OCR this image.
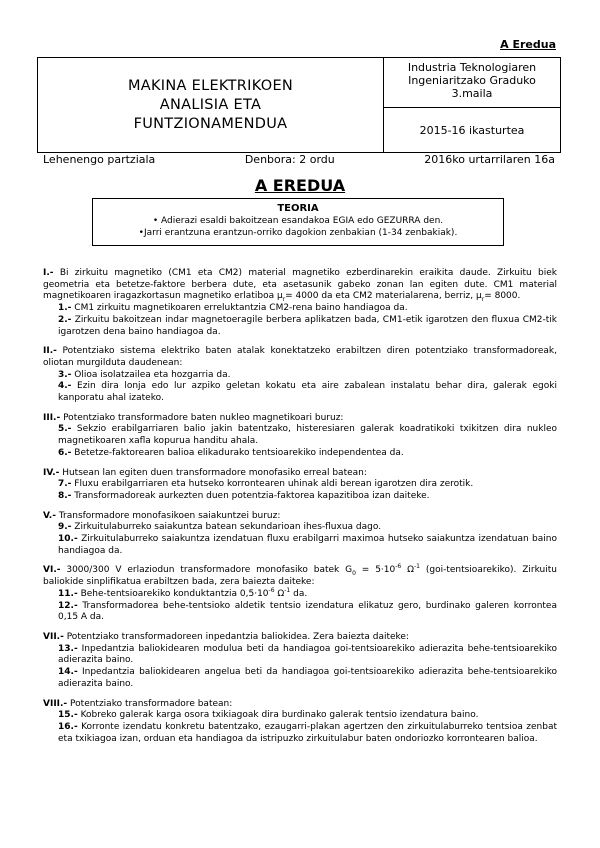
A Eredua
MAKINA ELEKTRIKOEN
ANALISIA ETA
FUNTZIONAMENDUA
Industria Teknologiaren
Ingeniaritzako Graduko
3.maila
2015-16 ikasturtea
Lehenengo partziala	Denbora: 2 ordu	2016ko urtarrilaren 16a
A EREDUA
TEORIA
• Adierazi esaldi bakoitzean esandakoa EGIA edo GEZURRA den.
•Jarri erantzuna erantzun-orriko dagokion zenbakian (1-34 zenbakiak).

I.- Bi zirkuitu magnetiko (CM1 eta CM2) material magnetiko ezberdinarekin eraikita daude. Zirkuitu biek geometria eta betetze-faktore berbera dute, eta asetasunik gabeko zonan lan egiten dute. CM1 material magnetikoaren iragazkortasun magnetiko erlatiboa $\mu_r= 4000$ da eta CM2 materialarena, berriz, $\mu_r= 8000$.

1.- CM1 zirkuitu magnetikoaren erreluktantzia CM2-rena baino handiagoa da.

2.- Zirkuitu bakoitzean indar magnetoeragile berbera aplikatzen bada, CM1-etik igarotzen den fluxua CM2-tik igarotzen dena baino handiagoa da.

II.- Potentziako sistema elektriko baten atalak konektatzeko erabiltzen diren potentziako transformadoreak, oliotan murgilduta daudenean:

3.- Olioa isolatzailea eta hozgarria da.

4.- Ezin dira lonja edo lur azpiko geletan kokatu eta aire zabalean instalatu behar dira, galerak egoki kanporatu ahal izateko.

III.- Potentziako transformadore baten nukleo magnetikoari buruz:

5.- Sekzio erabilgarriaren balio jakin batentzako, histeresiaren galerak koadratikoki txikitzen dira nukleo magnetikoaren xafla kopurua handitu ahala.

6.- Betetze-faktorearen balioa elikadurako tentsioarekiko independentea da.

IV.- Hutsean lan egiten duen transformadore monofasiko erreal batean:

7.- Fluxu erabilgarriaren eta hutseko korrontearen uhinak aldi berean igarotzen dira zerotik.

8.- Transformadoreak aurkezten duen potentzia-faktorea kapazitiboa izan daiteke.

V.- Transformadore monofasikoen saiakuntzei buruz:

9.- Zirkuitulaburreko saiakuntza batean sekundarioan ihes-fluxua dago.

10.- Zirkuitulaburreko saiakuntza izendatuan fluxu erabilgarri maximoa hutseko saiakuntza izendatuan baino handiagoa da.

VI.- 3000/300 V erlaziodun transformadore monofasiko batek $G_0 = 5\cdot 10^{-6}$ $\Omega^{-1}$ (goi-tentsioarekiko). Zirkuitu baliokide sinplifikatua erabiltzen bada, zera baiezta daiteke:

11.- Behe-tentsioarekiko konduktantzia $0,5\cdot 10^{-6}$ $\Omega^{-1}$ da.

12.- Transformadorea behe-tentsioko aldetik tentsio izendatura elikatuz gero, burdinako galeren korrontea 0,15 A da.

VII.- Potentziako transformadoreen inpedantzia baliokidea. Zera baiezta daiteke:

13.- Inpedantzia baliokidearen modulua beti da handiagoa goi-tentsioarekiko adierazita behe-tentsioarekiko adierazita baino.

14.- Inpedantzia baliokidearen angelua beti da handiagoa goi-tentsioarekiko adierazita behe-tentsioarekiko adierazita baino.

VIII.- Potentziako transformadore batean:

15.- Kobreko galerak karga osora txikiagoak dira burdinako galerak tentsio izendatura baino.

16.- Korronte izendatu konkretu batentzako, ezaugarri-plakan agertzen den zirkuitulaburreko tentsioa zenbat eta txikiagoa izan, orduan eta handiagoa da istripuzko zirkuitulabur baten ondoriozko korrontearen balioa.
